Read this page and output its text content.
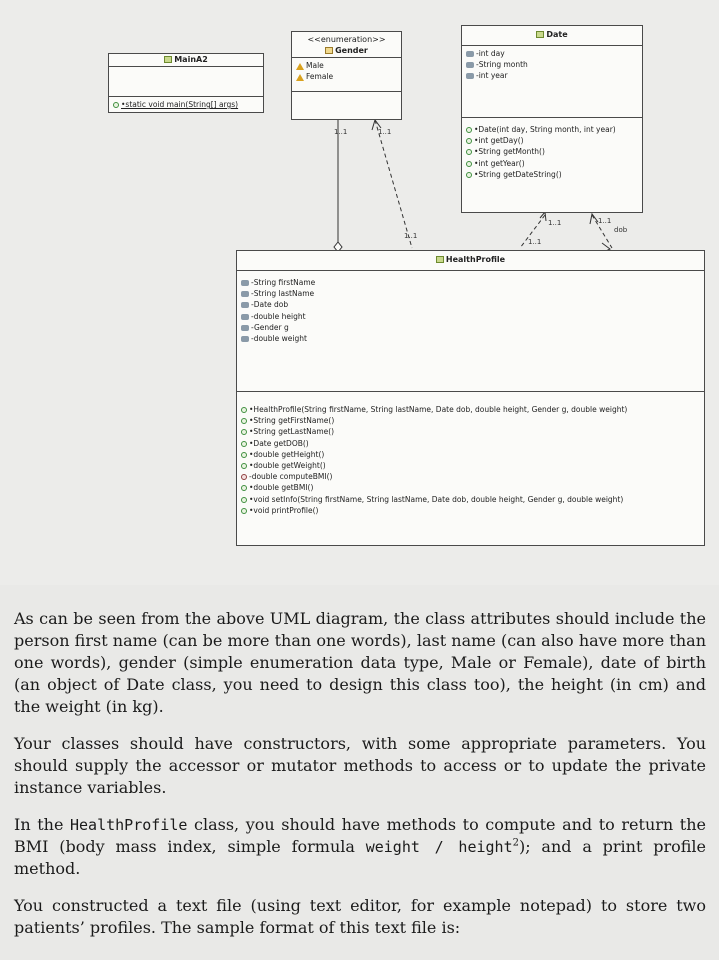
MainA2
•static void main(String[] args)
<<enumeration>>
Gender
Male
Female
Date
-int day
-String month
-int year
•Date(int day, String month, int year)
•int getDay()
•String getMonth()
•int getYear()
•String getDateString()
HealthProfile
-String firstName
-String lastName
-Date dob
-double height
-Gender g
-double weight
•HealthProfile(String firstName, String lastName, Date dob, double height, Gender g, double weight)
•String getFirstName()
•String getLastName()
•Date getDOB()
•double getHeight()
•double getWeight()
-double computeBMI()
•double getBMI()
•void setInfo(String firstName, String lastName, Date dob, double height, Gender g, double weight)
•void printProfile()
1..1	1..1
1..1
1..1
1..1
1..1
dob

As can be seen from the above UML diagram, the class attributes should include the person first name (can be more than one words), last name (can also have more than one words), gender (simple enumeration data type, Male or Female), date of birth (an object of Date class, you need to design this class too), the height (in cm) and the weight (in kg).

Your classes should have constructors, with some appropriate parameters. You should supply the accessor or mutator methods to access or to update the private instance variables.

In the HealthProfile class, you should have methods to compute and to return the BMI (body mass index, simple formula weight / height$^2$); and a print profile method.

You constructed a text file (using text editor, for example notepad) to store two patients’ profiles. The sample format of this text file is:
